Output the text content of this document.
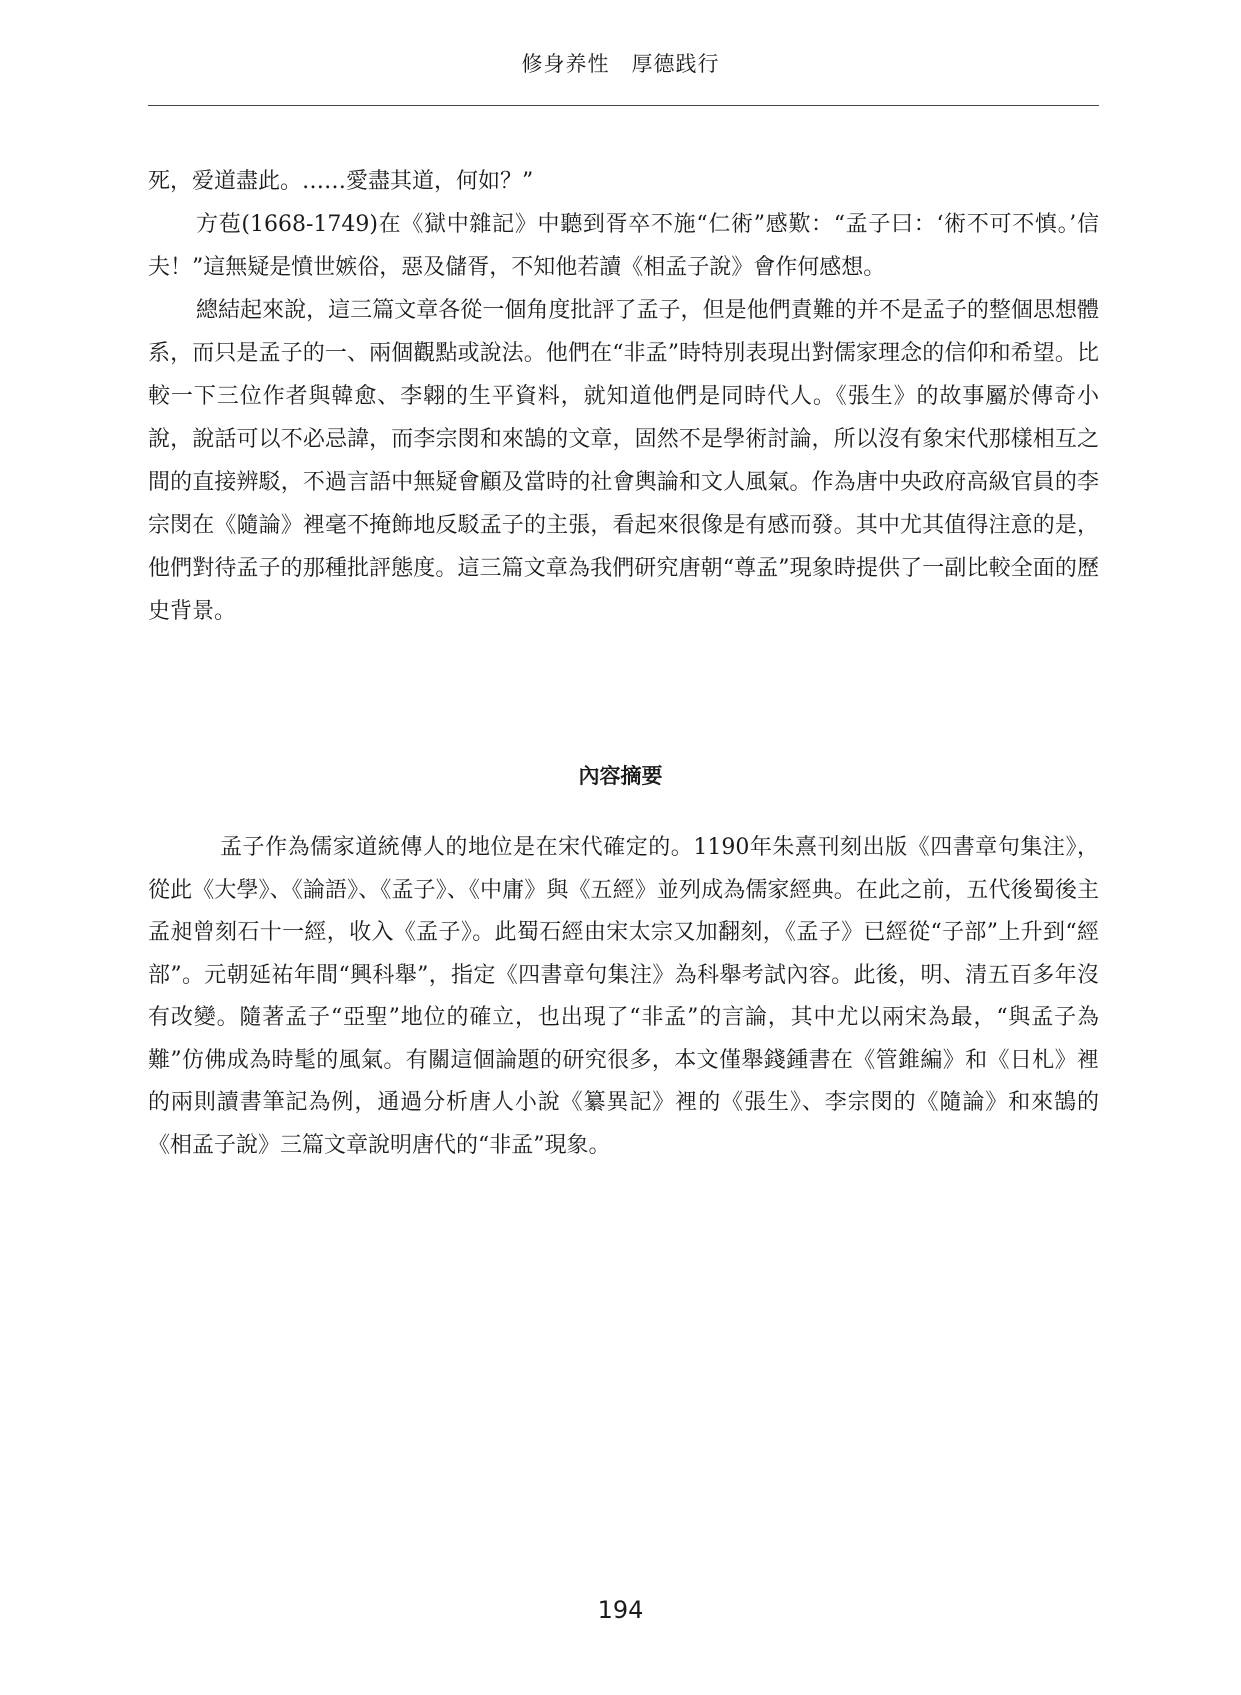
修身养性 厚德践行

死，爱道盡此。……愛盡其道，何如？”

方苞(1668-1749)在《獄中雜記》中聽到胥卒不施“仁術”感歎：“孟子曰：‘術不可不慎。’信夫！”這無疑是憤世嫉俗，惡及儲胥，不知他若讀《相孟子說》會作何感想。

總結起來說，這三篇文章各從一個角度批評了孟子，但是他們責難的并不是孟子的整個思想體系，而只是孟子的一、兩個觀點或說法。他們在“非孟”時特別表現出對儒家理念的信仰和希望。比較一下三位作者與韓愈、李翺的生平資料，就知道他們是同時代人。《張生》的故事屬於傳奇小說，說話可以不必忌諱，而李宗閔和來鵠的文章，固然不是學術討論，所以沒有象宋代那樣相互之間的直接辨駁，不過言語中無疑會顧及當時的社會輿論和文人風氣。作為唐中央政府高級官員的李宗閔在《隨論》裡毫不掩飾地反駁孟子的主張，看起來很像是有感而發。其中尤其值得注意的是，他們對待孟子的那種批評態度。這三篇文章為我們研究唐朝“尊孟”現象時提供了一副比較全面的歷史背景。

內容摘要

孟子作為儒家道統傳人的地位是在宋代確定的。1190年朱熹刊刻出版《四書章句集注》，從此《大學》、《論語》、《孟子》、《中庸》與《五經》並列成為儒家經典。在此之前，五代後蜀後主孟昶曾刻石十一經，收入《孟子》。此蜀石經由宋太宗又加翻刻，《孟子》已經從“子部”上升到“經部”。元朝延祐年間“興科舉”，指定《四書章句集注》為科舉考試內容。此後，明、清五百多年沒有改變。隨著孟子“亞聖”地位的確立，也出現了“非孟”的言論，其中尤以兩宋為最，“與孟子為難”仿佛成為時髦的風氣。有關這個論題的研究很多，本文僅舉錢鍾書在《管錐編》和《日札》裡的兩則讀書筆記為例，通過分析唐人小說《纂異記》裡的《張生》、李宗閔的《隨論》和來鵠的《相孟子說》三篇文章說明唐代的“非孟”現象。

194
